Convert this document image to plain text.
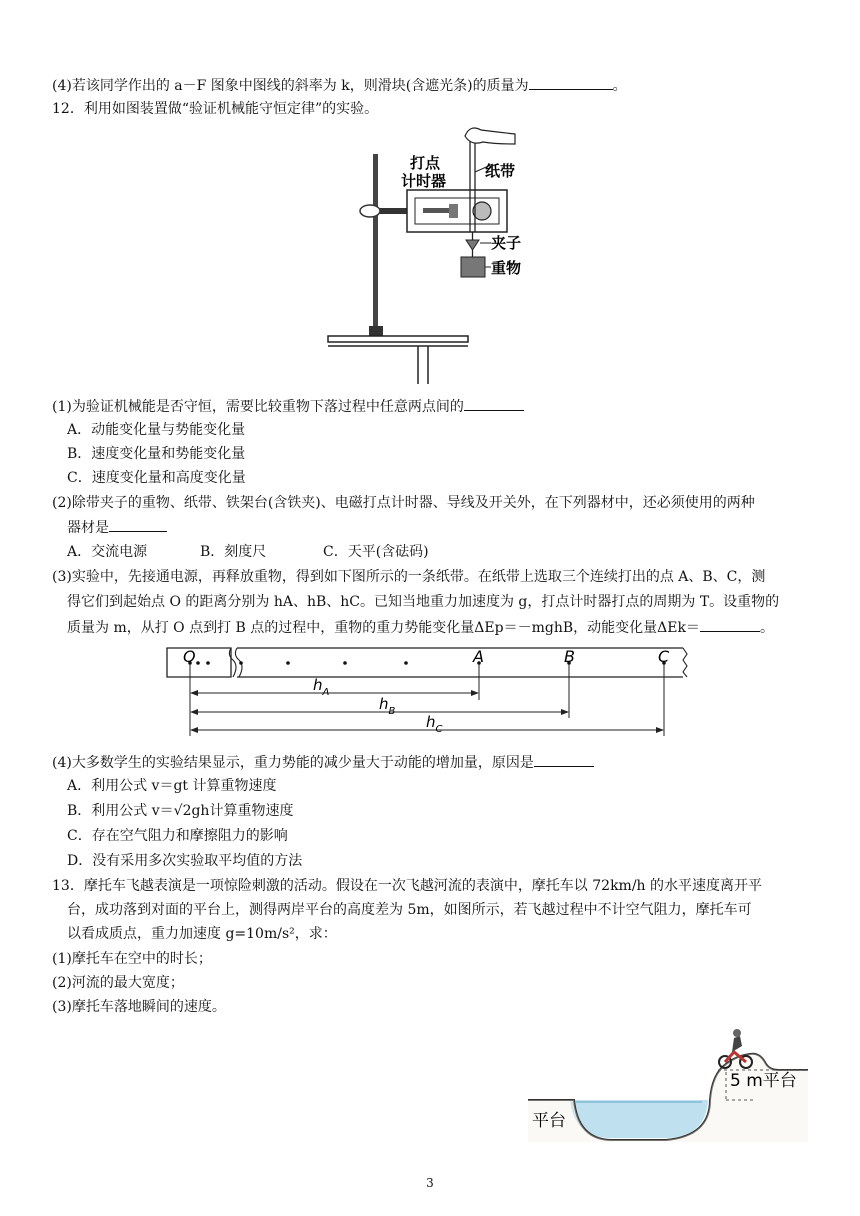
(4)若该同学作出的 a－F 图象中图线的斜率为 k，则滑块(含遮光条)的质量为	。
12．利用如图装置做“验证机械能守恒定律”的实验。
打点
计时器
纸带
夹子
重物
(1)为验证机械能是否守恒，需要比较重物下落过程中任意两点间的
A．动能变化量与势能变化量
B．速度变化量和势能变化量
C．速度变化量和高度变化量
(2)除带夹子的重物、纸带、铁架台(含铁夹)、电磁打点计时器、导线及开关外，在下列器材中，还必须使用的两种
器材是
A．交流电源	B．刻度尺	C．天平(含砝码)
(3)实验中，先接通电源，再释放重物，得到如下图所示的一条纸带。在纸带上选取三个连续打出的点 A、B、C，测
得它们到起始点 O 的距离分别为 hA、hB、hC。已知当地重力加速度为 g，打点计时器打点的周期为 T。设重物的
质量为 m，从打 O 点到打 B 点的过程中，重物的重力势能变化量ΔEp＝－mghB，动能变化量ΔEk＝	。
O	A	B	C
$h_A$
$h_B$
$h_C$
(4)大多数学生的实验结果显示，重力势能的减少量大于动能的增加量，原因是
A．利用公式 v＝gt 计算重物速度
B．利用公式 v＝√2gh计算重物速度
C．存在空气阻力和摩擦阻力的影响
D．没有采用多次实验取平均值的方法
13．摩托车飞越表演是一项惊险刺激的活动。假设在一次飞越河流的表演中，摩托车以 72km/h 的水平速度离开平
台，成功落到对面的平台上，测得两岸平台的高度差为 5m，如图所示，若飞越过程中不计空气阻力，摩托车可
以看成质点，重力加速度 g=10m/s²，求：
(1)摩托车在空中的时长；
(2)河流的最大宽度；
(3)摩托车落地瞬间的速度。
5 m平台
平台
3
